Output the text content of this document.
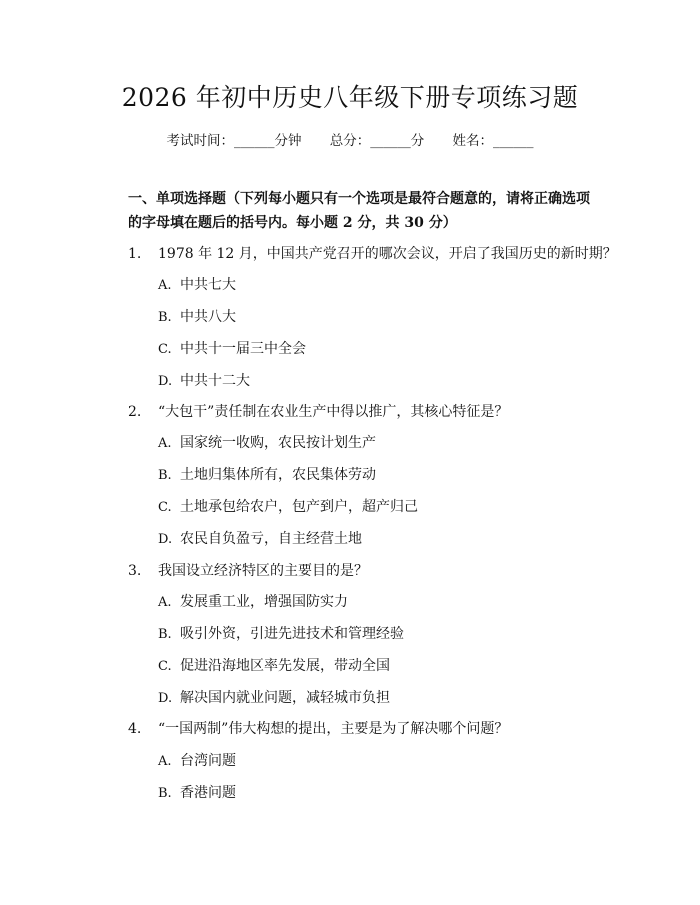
2026 年初中历史八年级下册专项练习题
考试时间：______分钟 总分：______分 姓名：______
一、单项选择题（下列每小题只有一个选项是最符合题意的，请将正确选项的字母填在题后的括号内。每小题 2 分，共 30 分）
1. 1978 年 12 月，中国共产党召开的哪次会议，开启了我国历史的新时期？
A. 中共七大
B. 中共八大
C. 中共十一届三中全会
D. 中共十二大
2. “大包干”责任制在农业生产中得以推广，其核心特征是？
A. 国家统一收购，农民按计划生产
B. 土地归集体所有，农民集体劳动
C. 土地承包给农户，包产到户，超产归己
D. 农民自负盈亏，自主经营土地
3. 我国设立经济特区的主要目的是？
A. 发展重工业，增强国防实力
B. 吸引外资，引进先进技术和管理经验
C. 促进沿海地区率先发展，带动全国
D. 解决国内就业问题，减轻城市负担
4. “一国两制”伟大构想的提出，主要是为了解决哪个问题？
A. 台湾问题
B. 香港问题
